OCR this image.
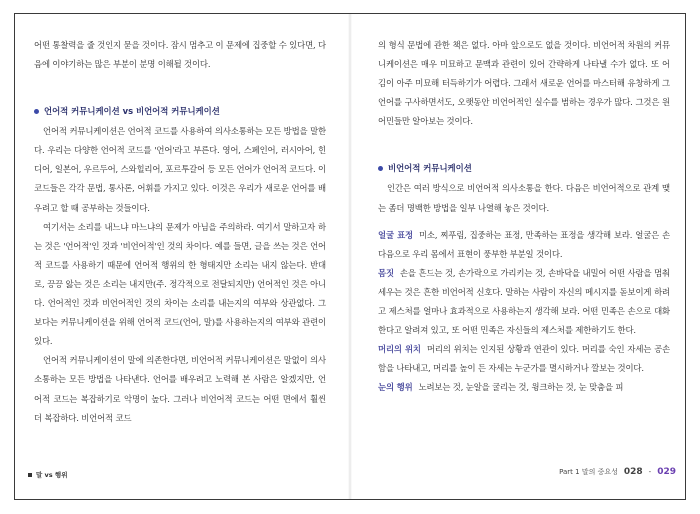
어떤 통찰력을 줄 것인지 묻을 것이다. 잠시 멈추고 이 문제에 집중할 수 있다면, 다음에 이야기하는 많은 부분이 분명 이해될 것이다.

언어적 커뮤니케이션 vs 비언어적 커뮤니케이션

언어적 커뮤니케이션은 언어적 코드를 사용하여 의사소통하는 모든 방법을 말한다. 우리는 다양한 언어적 코드를 '언어'라고 부른다. 영어, 스페인어, 러시아어, 힌디어, 일본어, 우르두어, 스와힐리어, 포르투갈어 등 모든 언어가 언어적 코드다. 이 코드들은 각각 문법, 통사론, 어휘를 가지고 있다. 이것은 우리가 새로운 언어를 배우려고 할 때 공부하는 것들이다.

여기서는 소리를 내느냐 마느냐의 문제가 아님을 주의하라. 여기서 말하고자 하는 것은 '언어적'인 것과 '비언어적'인 것의 차이다. 예를 들면, 글을 쓰는 것은 언어적 코드를 사용하기 때문에 언어적 행위의 한 형태지만 소리는 내지 않는다. 반대로, 끙끙 앓는 것은 소리는 내지만(주. 정각적으로 전달되지만) 언어적인 것은 아니다. 언어적인 것과 비언어적인 것의 차이는 소리를 내는지의 여부와 상관없다. 그보다는 커뮤니케이션을 위해 언어적 코드(언어, 말)를 사용하는지의 여부와 관련이 있다.

언어적 커뮤니케이션이 말에 의존한다면, 비언어적 커뮤니케이션은 말없이 의사소통하는 모든 방법을 나타낸다. 언어를 배우려고 노력해 본 사람은 알겠지만, 언어적 코드는 복잡하기로 악명이 높다. 그러나 비언어적 코드는 어떤 면에서 훨씬 더 복잡하다. 비언어적 코드

의 형식 문법에 관한 책은 없다. 아마 앞으로도 없을 것이다. 비언어적 차원의 커뮤니케이션은 매우 미묘하고 문맥과 관련이 있어 간략하게 나타낼 수가 없다. 또 어김이 아주 미묘해 터득하기가 어렵다. 그래서 새로운 언어를 마스터해 유창하게 그 언어를 구사하면서도, 오랫동안 비언어적인 실수를 범하는 경우가 많다. 그것은 원어민들만 알아보는 것이다.

비언어적 커뮤니케이션

인간은 여러 방식으로 비언어적 의사소통을 한다. 다음은 비언어적으로 관계 맺는 좀더 명백한 방법을 일부 나열해 놓은 것이다.

얼굴 표정 미소, 찌푸림, 집중하는 표정, 만족하는 표정을 생각해 보라. 얼굴은 손 다음으로 우리 몸에서 표현이 풍부한 부분일 것이다.
몸짓 손을 흔드는 것, 손가락으로 가리키는 것, 손바닥을 내밀어 어떤 사람을 멈춰 세우는 것은 흔한 비언어적 신호다. 말하는 사람이 자신의 메시지를 돋보이게 하려고 제스처를 얼마나 효과적으로 사용하는지 생각해 보라. 어떤 민족은 손으로 대화한다고 알려져 있고, 또 어떤 민족은 자신들의 제스처를 제한하기도 한다.
머리의 위치 머리의 위치는 인지된 상황과 연관이 있다. 머리를 숙인 자세는 공손함을 나타내고, 머리를 높이 든 자세는 누군가를 멸시하거나 깔보는 것이다.
눈의 행위 노려보는 것, 눈알을 굴리는 것, 윙크하는 것, 눈 맞춤을 피
말 vs 행위	Part 1 말의 중요성 028 - 029
